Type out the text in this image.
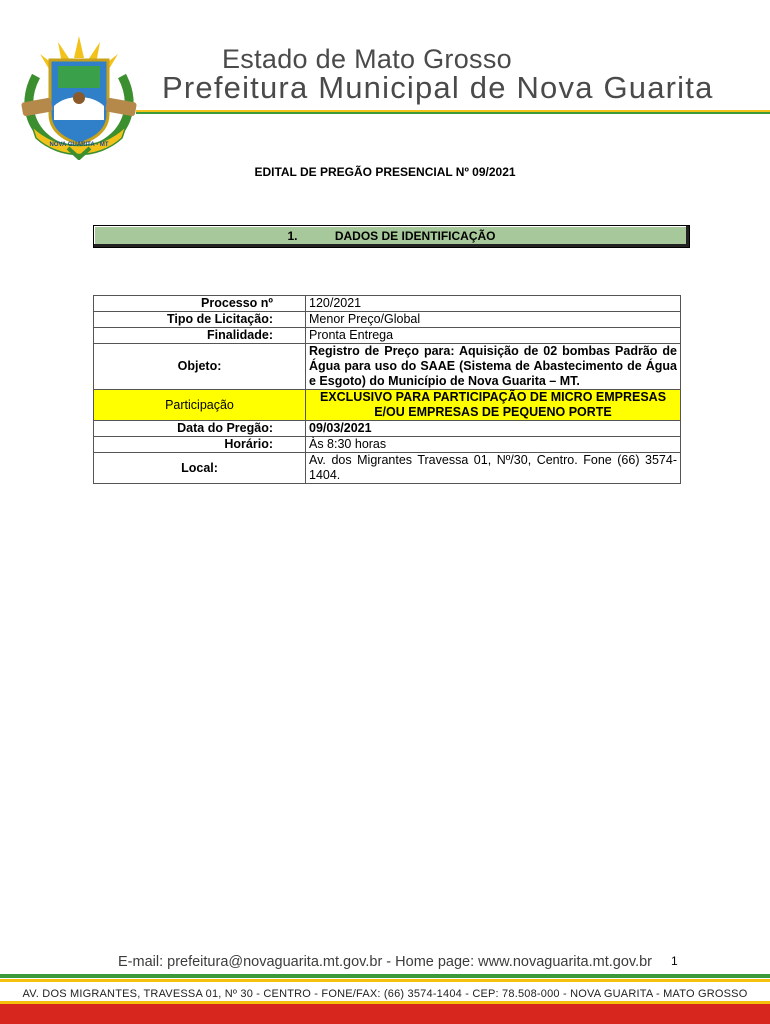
NOVA GUARITA - MT
Estado de Mato Grosso
Prefeitura Municipal de Nova Guarita
EDITAL DE PREGÃO PRESENCIAL Nº 09/2021
1.	DADOS DE IDENTIFICAÇÃO
Processo nº	120/2021
Tipo de Licitação:	Menor Preço/Global
Finalidade:	Pronta Entrega
Objeto:	Registro de Preço para: Aquisição de 02 bombas Padrão de Água para uso do SAAE (Sistema de Abastecimento de Água e Esgoto) do Município de Nova Guarita – MT.
Participação	EXCLUSIVO PARA PARTICIPAÇÃO DE MICRO EMPRESAS E/OU EMPRESAS DE PEQUENO PORTE
Data do Pregão:	09/03/2021
Horário:	Às 8:30 horas
Local:	Av. dos Migrantes Travessa 01, Nº/30, Centro. Fone (66) 3574-1404.
E-mail: prefeitura@novaguarita.mt.gov.br - Home page: www.novaguarita.mt.gov.br	1
AV. DOS MIGRANTES, TRAVESSA 01, Nº 30 - CENTRO - FONE/FAX: (66) 3574-1404 - CEP: 78.508-000 - NOVA GUARITA - MATO GROSSO
